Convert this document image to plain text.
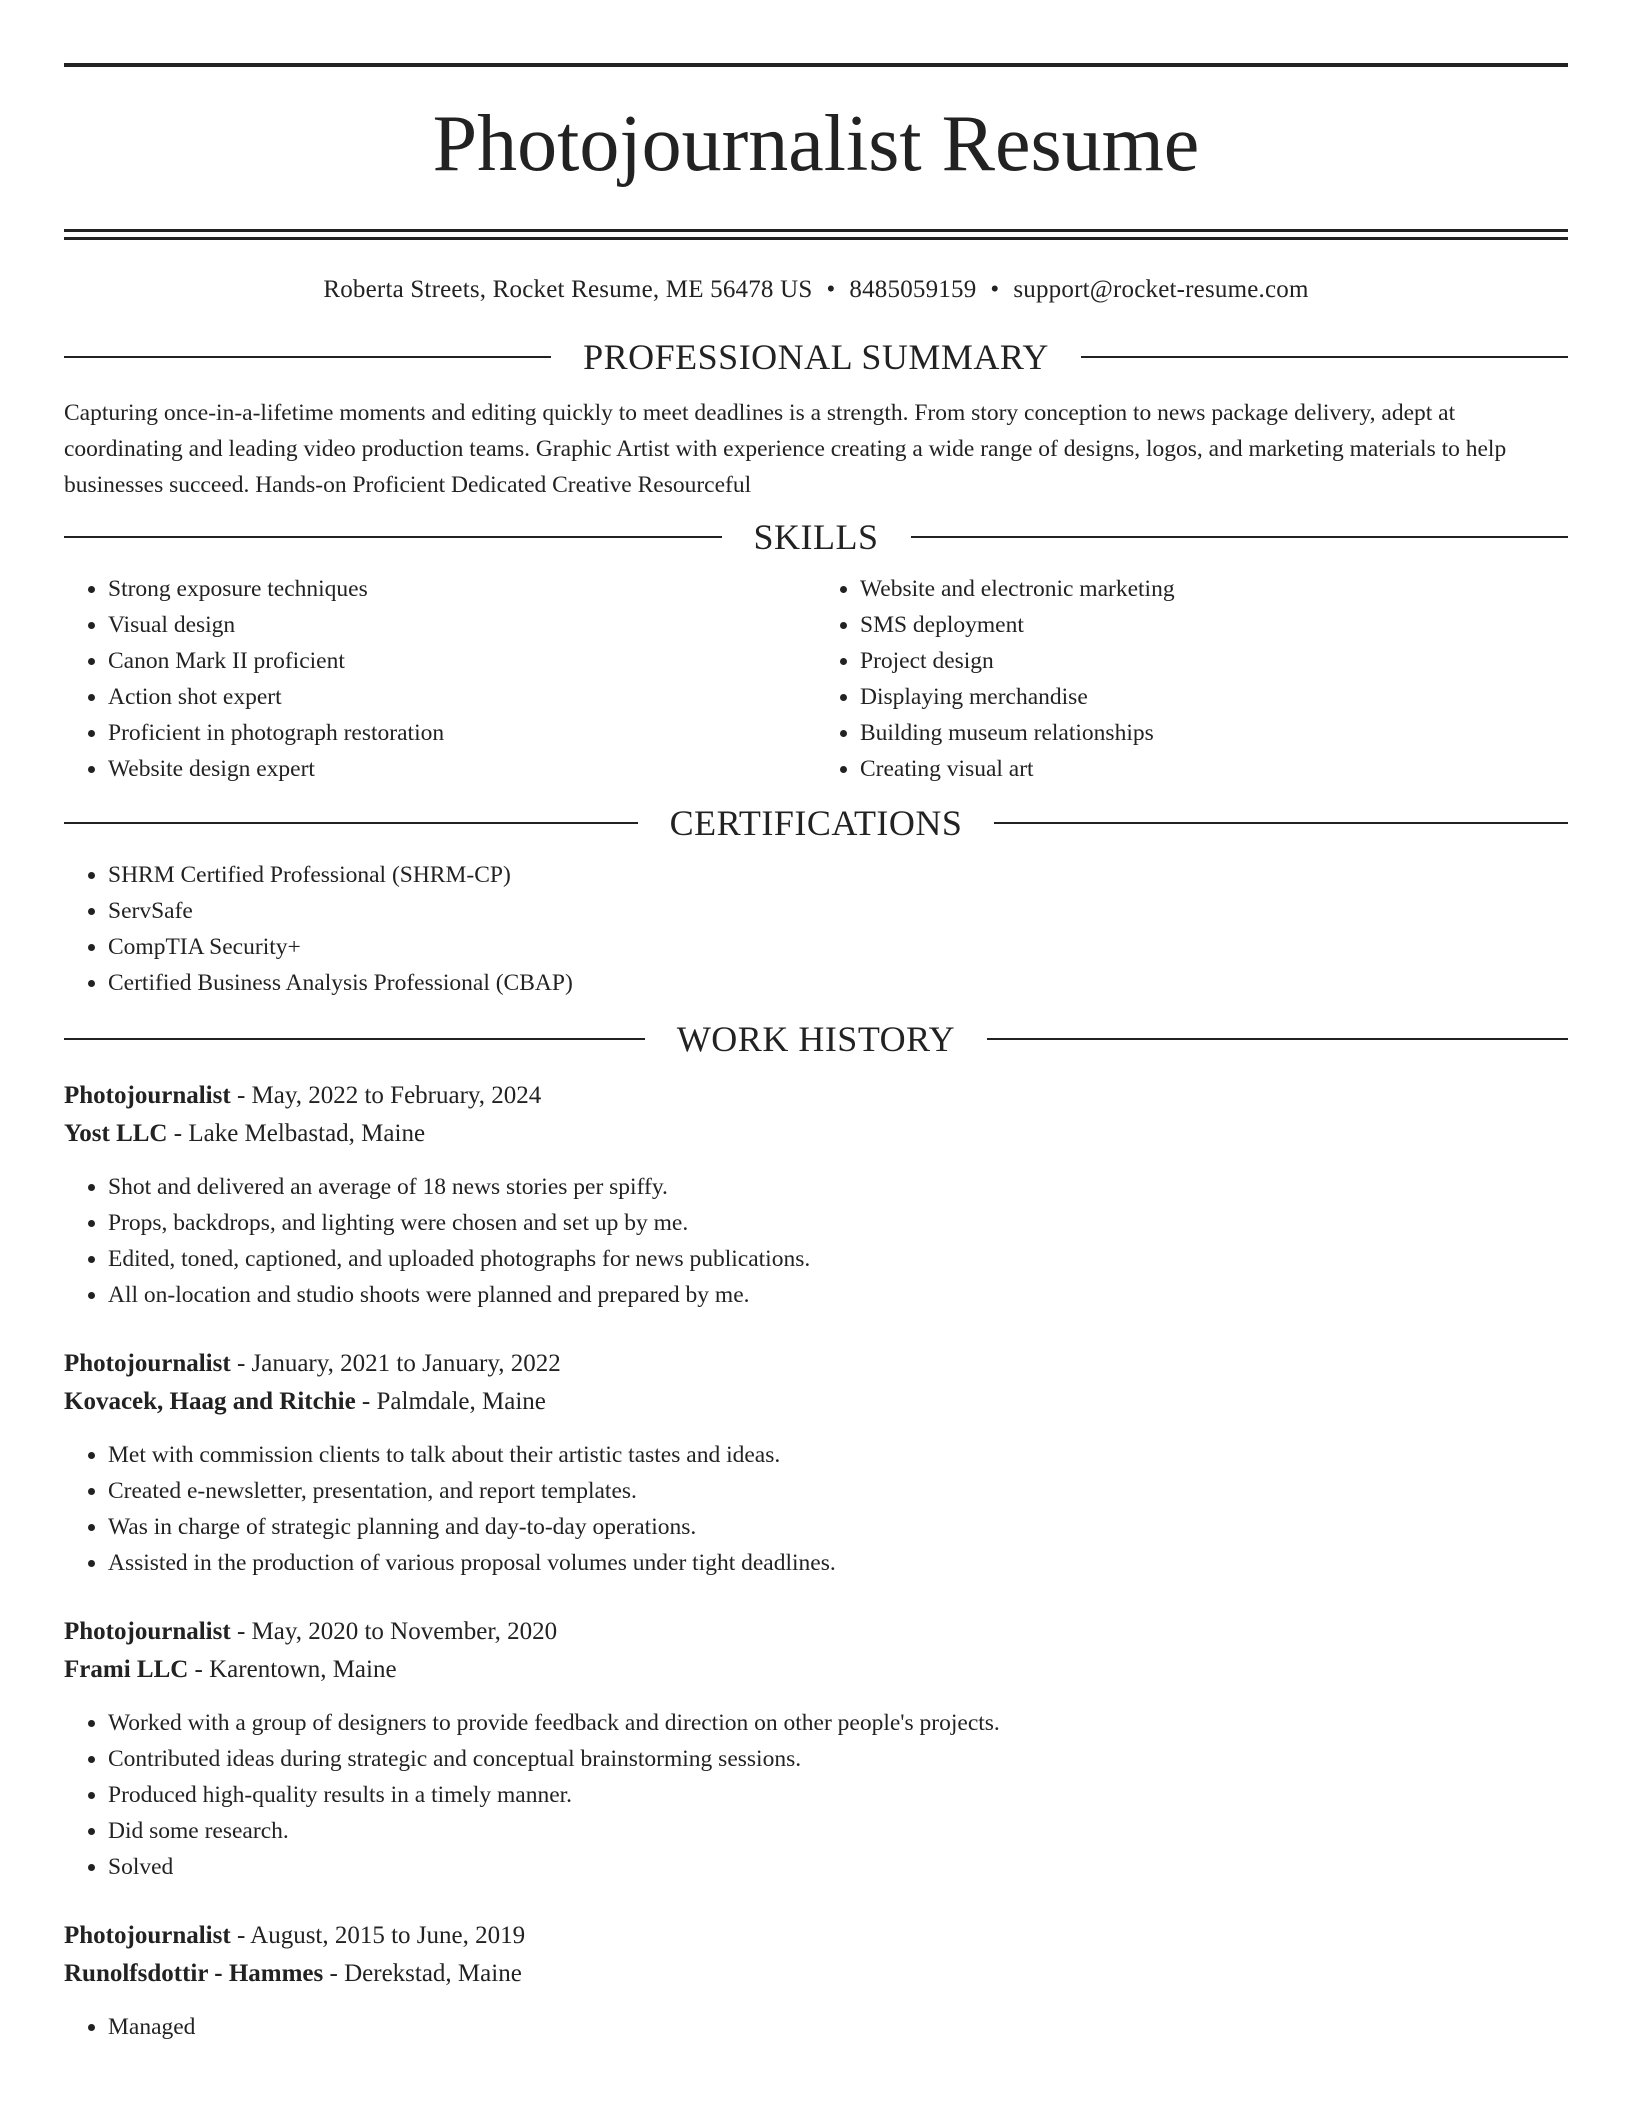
Photojournalist Resume
Roberta Streets, Rocket Resume, ME 56478 US • 8485059159 • support@rocket-resume.com
PROFESSIONAL SUMMARY

Capturing once-in-a-lifetime moments and editing quickly to meet deadlines is a strength. From story conception to news package delivery, adept at coordinating and leading video production teams. Graphic Artist with experience creating a wide range of designs, logos, and marketing materials to help businesses succeed. Hands-on Proficient Dedicated Creative Resourceful

SKILLS
• Strong exposure techniques
• Visual design
• Canon Mark II proficient
• Action shot expert
• Proficient in photograph restoration
• Website design expert
• Website and electronic marketing
• SMS deployment
• Project design
• Displaying merchandise
• Building museum relationships
• Creating visual art
CERTIFICATIONS
• SHRM Certified Professional (SHRM-CP)
• ServSafe
• CompTIA Security+
• Certified Business Analysis Professional (CBAP)
WORK HISTORY

Photojournalist - May, 2022 to February, 2024

Yost LLC - Lake Melbastad, Maine

• Shot and delivered an average of 18 news stories per spiffy.
• Props, backdrops, and lighting were chosen and set up by me.
• Edited, toned, captioned, and uploaded photographs for news publications.
• All on-location and studio shoots were planned and prepared by me.

Photojournalist - January, 2021 to January, 2022

Kovacek, Haag and Ritchie - Palmdale, Maine

• Met with commission clients to talk about their artistic tastes and ideas.
• Created e-newsletter, presentation, and report templates.
• Was in charge of strategic planning and day-to-day operations.
• Assisted in the production of various proposal volumes under tight deadlines.

Photojournalist - May, 2020 to November, 2020

Frami LLC - Karentown, Maine

• Worked with a group of designers to provide feedback and direction on other people's projects.
• Contributed ideas during strategic and conceptual brainstorming sessions.
• Produced high-quality results in a timely manner.
• Did some research.
• Solved

Photojournalist - August, 2015 to June, 2019

Runolfsdottir - Hammes - Derekstad, Maine

• Managed
